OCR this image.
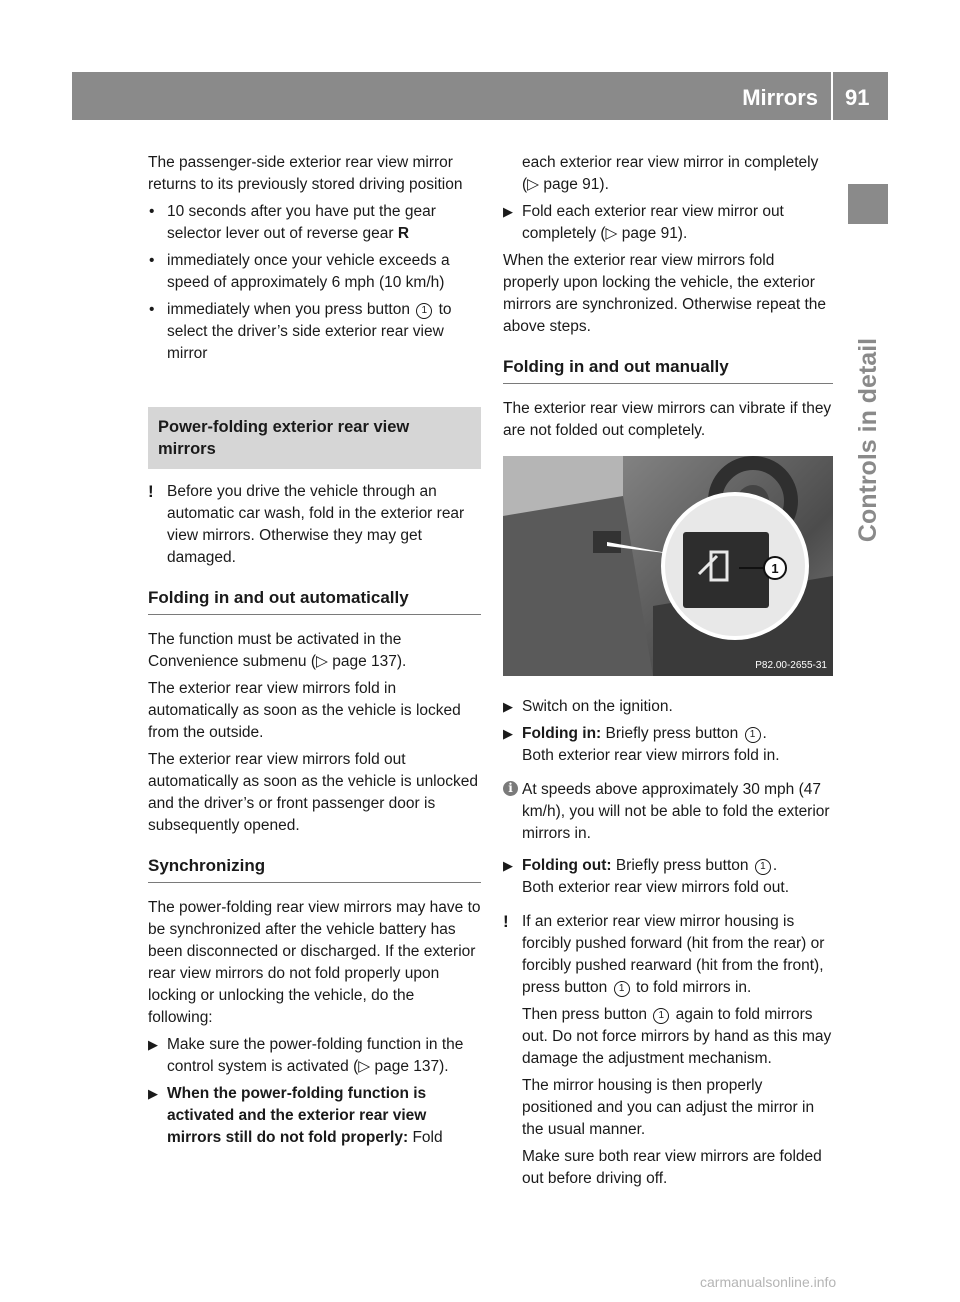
Mirrors 91
Controls in detail

The passenger-side exterior rear view mirror returns to its previously stored driving position

• 10 seconds after you have put the gear selector lever out of reverse gear R
• immediately once your vehicle exceeds a speed of approximately 6 mph (10 km/h)
• immediately when you press button 1 to select the driver’s side exterior rear view mirror
Power-folding exterior rear view mirrors
! Before you drive the vehicle through an automatic car wash, fold in the exterior rear view mirrors. Otherwise they may get damaged.
Folding in and out automatically

The function must be activated in the Convenience submenu (▷ page 137).

The exterior rear view mirrors fold in automatically as soon as the vehicle is locked from the outside.

The exterior rear view mirrors fold out automatically as soon as the vehicle is unlocked and the driver’s or front passenger door is subsequently opened.

Synchronizing

The power-folding rear view mirrors may have to be synchronized after the vehicle battery has been disconnected or discharged. If the exterior rear view mirrors do not fold properly upon locking or unlocking the vehicle, do the following:

▶ Make sure the power-folding function in the control system is activated (▷ page 137).
▶ When the power-folding function is activated and the exterior rear view mirrors still do not fold properly: Fold
each exterior rear view mirror in completely (▷ page 91).
▶ Fold each exterior rear view mirror out completely (▷ page 91).

When the exterior rear view mirrors fold properly upon locking the vehicle, the exterior mirrors are synchronized. Otherwise repeat the above steps.

Folding in and out manually

The exterior rear view mirrors can vibrate if they are not folded out completely.

1
P82.00-2655-31
▶ Switch on the ignition.
▶ Folding in: Briefly press button 1 .
Both exterior rear view mirrors fold in.
i At speeds above approximately 30 mph (47 km/h), you will not be able to fold the exterior mirrors in.
▶ Folding out: Briefly press button 1 .
Both exterior rear view mirrors fold out.
! If an exterior rear view mirror housing is forcibly pushed forward (hit from the rear) or forcibly pushed rearward (hit from the front), press button 1 to fold mirrors in.
Then press button 1 again to fold mirrors out. Do not force mirrors by hand as this may damage the adjustment mechanism.
The mirror housing is then properly positioned and you can adjust the mirror in the usual manner.
Make sure both rear view mirrors are folded out before driving off.
carmanualsonline.info
